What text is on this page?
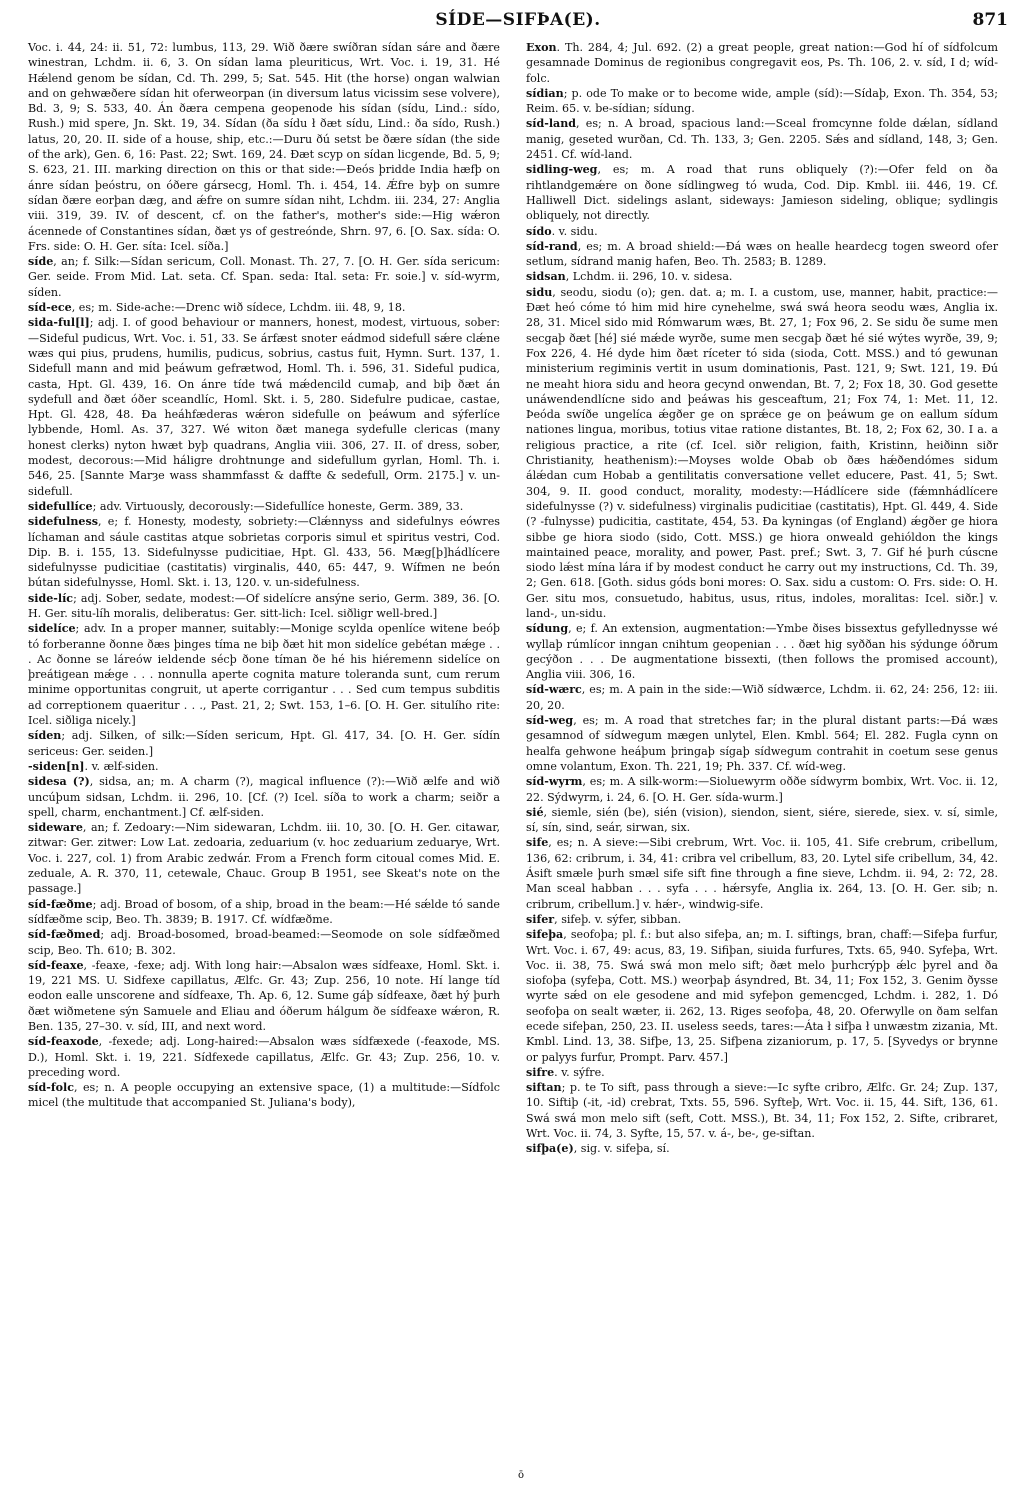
SÍDE—SIFÞA(E).	871

Voc. i. 44, 24: ii. 51, 72: lumbus, 113, 29. Wið ðære swíðran sídan sáre and ðære winestran, Lchdm. ii. 6, 3. On sídan lama pleuriticus, Wrt. Voc. i. 19, 31. Hé Hǽlend genom be sídan, Cd. Th. 299, 5; Sat. 545. Hit (the horse) ongan walwian and on gehwæðere sídan hit oferweorpan (in diversum latus vicissim sese volvere), Bd. 3, 9; S. 533, 40. Án ðæra cempena geopenode his sídan (sídu, Lind.: sído, Rush.) mid spere, Jn. Skt. 19, 34. Sídan (ða sídu ł ðæt sídu, Lind.: ða sído, Rush.) latus, 20, 20. II. side of a house, ship, etc.:—Duru ðú setst be ðære sídan (the side of the ark), Gen. 6, 16: Past. 22; Swt. 169, 24. Ðæt scyp on sídan licgende, Bd. 5, 9; S. 623, 21. III. marking direction on this or that side:—Ðeós þridde India hæfþ on ánre sídan þeóstru, on óðere gársecg, Homl. Th. i. 454, 14. Ǽfre byþ on sumre sídan ðære eorþan dæg, and ǽfre on sumre sídan niht, Lchdm. iii. 234, 27: Anglia viii. 319, 39. IV. of descent, cf. on the father's, mother's side:—Hig wǽron ácennede of Constantines sídan, ðæt ys of gestreónde, Shrn. 97, 6. [O. Sax. sída: O. Frs. side: O. H. Ger. síta: Icel. síða.]

síde, an; f. Silk:—Sídan sericum, Coll. Monast. Th. 27, 7. [O. H. Ger. sída sericum: Ger. seide. From Mid. Lat. seta. Cf. Span. seda: Ital. seta: Fr. soie.] v. síd-wyrm, síden.

síd-ece, es; m. Side-ache:—Drenc wið sídece, Lchdm. iii. 48, 9, 18.

sida-ful[l]; adj. I. of good behaviour or manners, honest, modest, virtuous, sober:—Sideful pudicus, Wrt. Voc. i. 51, 33. Se árfæst snoter eádmod sidefull sǽre clǽne wæs qui pius, prudens, humilis, pudicus, sobrius, castus fuit, Hymn. Surt. 137, 1. Sidefull mann and mid þeáwum gefrætwod, Homl. Th. i. 596, 31. Sideful pudica, casta, Hpt. Gl. 439, 16. On ánre tíde twá mǽdencild cumaþ, and biþ ðæt án sydefull and ðæt óðer sceandlíc, Homl. Skt. i. 5, 280. Sidefulre pudicae, castae, Hpt. Gl. 428, 48. Ða heáhfæderas wǽron sidefulle on þeáwum and sýferlíce lybbende, Homl. As. 37, 327. Wé witon ðæt manega sydefulle clericas (many honest clerks) nyton hwæt byþ quadrans, Anglia viii. 306, 27. II. of dress, sober, modest, decorous:—Mid háligre drohtnunge and sidefullum gyrlan, Homl. Th. i. 546, 25. [Sannte Marȝe wass shammfasst & daffte & sedefull, Orm. 2175.] v. un-sidefull.

sidefullíce; adv. Virtuously, decorously:—Sidefullíce honeste, Germ. 389, 33.

sidefulness, e; f. Honesty, modesty, sobriety:—Clǽnnyss and sidefulnys eówres líchaman and sáule castitas atque sobrietas corporis simul et spiritus vestri, Cod. Dip. B. i. 155, 13. Sidefulnysse pudicitiae, Hpt. Gl. 433, 56. Mæg[þ]hádlícere sidefulnysse pudicitiae (castitatis) virginalis, 440, 65: 447, 9. Wífmen ne beón bútan sidefulnysse, Homl. Skt. i. 13, 120. v. un-sidefulness.

side-líc; adj. Sober, sedate, modest:—Of sidelícre ansýne serio, Germ. 389, 36. [O. H. Ger. situ-líh moralis, deliberatus: Ger. sitt-lich: Icel. siðligr well-bred.]

sidelíce; adv. In a proper manner, suitably:—Monige scylda openlíce witene beóþ tó forberanne ðonne ðæs þinges tíma ne biþ ðæt hit mon sidelíce gebétan mǽge . . . Ac ðonne se láreów ieldende sécþ ðone tíman ðe hé his hiéremenn sidelíce on þreátigean mǽge . . . nonnulla aperte cognita mature toleranda sunt, cum rerum minime opportunitas congruit, ut aperte corrigantur . . . Sed cum tempus subditis ad correptionem quaeritur . . ., Past. 21, 2; Swt. 153, 1–6. [O. H. Ger. situlího rite: Icel. siðliga nicely.]

síden; adj. Silken, of silk:—Síden sericum, Hpt. Gl. 417, 34. [O. H. Ger. sídín sericeus: Ger. seiden.]

-siden[n]. v. ælf-siden.

sidesa (?), sidsa, an; m. A charm (?), magical influence (?):—Wið ælfe and wið uncúþum sidsan, Lchdm. ii. 296, 10. [Cf. (?) Icel. síða to work a charm; seiðr a spell, charm, enchantment.] Cf. ælf-siden.

sideware, an; f. Zedoary:—Nim sidewaran, Lchdm. iii. 10, 30. [O. H. Ger. citawar, zitwar: Ger. zitwer: Low Lat. zedoaria, zeduarium (v. hoc zeduarium zeduarye, Wrt. Voc. i. 227, col. 1) from Arabic zedwár. From a French form citoual comes Mid. E. zeduale, A. R. 370, 11, cetewale, Chauc. Group B 1951, see Skeat's note on the passage.]

síd-fæðme; adj. Broad of bosom, of a ship, broad in the beam:—Hé sǽlde tó sande sídfæðme scip, Beo. Th. 3839; B. 1917. Cf. wídfæðme.

síd-fæðmed; adj. Broad-bosomed, broad-beamed:—Seomode on sole sídfæðmed scip, Beo. Th. 610; B. 302.

síd-feaxe, -feaxe, -fexe; adj. With long hair:—Absalon wæs sídfeaxe, Homl. Skt. i. 19, 221 MS. U. Sidfexe capillatus, Ælfc. Gr. 43; Zup. 256, 10 note. Hí lange tíd eodon ealle unscorene and sídfeaxe, Th. Ap. 6, 12. Sume gáþ sídfeaxe, ðæt hý þurh ðæt wiðmetene sýn Samuele and Eliau and óðerum hálgum ðe sídfeaxe wǽron, R. Ben. 135, 27–30. v. síd, III, and next word.

síd-feaxode, -fexede; adj. Long-haired:—Absalon wæs sídfæxede (-feaxode, MS. D.), Homl. Skt. i. 19, 221. Sídfexede capillatus, Ælfc. Gr. 43; Zup. 256, 10. v. preceding word.

síd-folc, es; n. A people occupying an extensive space, (1) a multitude:—Sídfolc micel (the multitude that accompanied St. Juliana's body),

Exon. Th. 284, 4; Jul. 692. (2) a great people, great nation:—God hí of sídfolcum gesamnade Dominus de regionibus congregavit eos, Ps. Th. 106, 2. v. síd, I d; wíd-folc.

sídian; p. ode To make or to become wide, ample (síd):—Sídaþ, Exon. Th. 354, 53; Reim. 65. v. be-sídian; sídung.

síd-land, es; n. A broad, spacious land:—Sceal fromcynne folde dǽlan, sídland manig, geseted wurðan, Cd. Th. 133, 3; Gen. 2205. Sǽs and sídland, 148, 3; Gen. 2451. Cf. wíd-land.

sidling-weg, es; m. A road that runs obliquely (?):—Ofer feld on ða rihtlandgemǽre on ðone sídlingweg tó wuda, Cod. Dip. Kmbl. iii. 446, 19. Cf. Halliwell Dict. sidelings aslant, sideways: Jamieson sideling, oblique; sydlingis obliquely, not directly.

sído. v. sidu.

síd-rand, es; m. A broad shield:—Ðá wæs on healle heardecg togen sweord ofer setlum, sídrand manig hafen, Beo. Th. 2583; B. 1289.

sidsan, Lchdm. ii. 296, 10. v. sidesa.

sidu, seodu, siodu (o); gen. dat. a; m. I. a custom, use, manner, habit, practice:—Ðæt heó cóme tó him mid hire cynehelme, swá swá heora seodu wæs, Anglia ix. 28, 31. Micel sido mid Rómwarum wæs, Bt. 27, 1; Fox 96, 2. Se sidu ðe sume men secgaþ ðæt [hé] sié mǽde wyrðe, sume men secgaþ ðæt hé sié wýtes wyrðe, 39, 9; Fox 226, 4. Hé dyde him ðæt ríceter tó sida (sioda, Cott. MSS.) and tó gewunan ministerium regiminis vertit in usum dominationis, Past. 121, 9; Swt. 121, 19. Ðú ne meaht hiora sidu and heora gecynd onwendan, Bt. 7, 2; Fox 18, 30. God gesette unáwendendlícne sido and þeáwas his gesceaftum, 21; Fox 74, 1: Met. 11, 12. Þeóda swíðe ungelíca ǽgðer ge on sprǽce ge on þeáwum ge on eallum sídum nationes lingua, moribus, totius vitae ratione distantes, Bt. 18, 2; Fox 62, 30. I a. a religious practice, a rite (cf. Icel. siðr religion, faith, Kristinn, heiðinn siðr Christianity, heathenism):—Moyses wolde Obab ob ðæs hǽðendómes sidum álǽdan cum Hobab a gentilitatis conversatione vellet educere, Past. 41, 5; Swt. 304, 9. II. good conduct, morality, modesty:—Hádlícere side (fǽmnhádlícere sidefulnysse (?) v. sidefulness) virginalis pudicitiae (castitatis), Hpt. Gl. 449, 4. Side (? -fulnysse) pudicitia, castitate, 454, 53. Ða kyningas (of England) ǽgðer ge hiora sibbe ge hiora siodo (sido, Cott. MSS.) ge hiora onweald gehióldon the kings maintained peace, morality, and power, Past. pref.; Swt. 3, 7. Gif hé þurh cúscne siodo lǽst mína lára if by modest conduct he carry out my instructions, Cd. Th. 39, 2; Gen. 618. [Goth. sidus góds boni mores: O. Sax. sidu a custom: O. Frs. side: O. H. Ger. situ mos, consuetudo, habitus, usus, ritus, indoles, moralitas: Icel. siðr.] v. land-, un-sidu.

sídung, e; f. An extension, augmentation:—Ymbe ðises bissextus gefyllednysse wé wyllaþ rúmlícor inngan cnihtum geopenian . . . ðæt hig syððan his sýdunge óðrum gecýðon . . . De augmentatione bissexti, (then follows the promised account), Anglia viii. 306, 16.

síd-wærc, es; m. A pain in the side:—Wið sídwærce, Lchdm. ii. 62, 24: 256, 12: iii. 20, 20.

síd-weg, es; m. A road that stretches far; in the plural distant parts:—Ðá wæs gesamnod of sídwegum mægen unlytel, Elen. Kmbl. 564; El. 282. Fugla cynn on healfa gehwone heáþum þringaþ sígaþ sídwegum contrahit in coetum sese genus omne volantum, Exon. Th. 221, 19; Ph. 337. Cf. wíd-weg.

síd-wyrm, es; m. A silk-worm:—Sioluewyrm oððe sídwyrm bombix, Wrt. Voc. ii. 12, 22. Sýdwyrm, i. 24, 6. [O. H. Ger. sída-wurm.]

sié, siemle, sién (be), sién (vision), siendon, sient, siére, sierede, siex. v. sí, simle, sí, sín, sind, seár, sirwan, six.

sife, es; n. A sieve:—Sibi crebrum, Wrt. Voc. ii. 105, 41. Sife crebrum, cribellum, 136, 62: cribrum, i. 34, 41: cribra vel cribellum, 83, 20. Lytel sife cribellum, 34, 42. Ásift smæle þurh smæl sife sift fine through a fine sieve, Lchdm. ii. 94, 2: 72, 28. Man sceal habban . . . syfa . . . hǽrsyfe, Anglia ix. 264, 13. [O. H. Ger. sib; n. cribrum, cribellum.] v. hǽr-, windwig-sife.

sifer, sifeþ. v. sýfer, sibban.

sifeþa, seofoþa; pl. f.: but also sifeþa, an; m. I. siftings, bran, chaff:—Sifeþa furfur, Wrt. Voc. i. 67, 49: acus, 83, 19. Sifiþan, siuida furfures, Txts. 65, 940. Syfeþa, Wrt. Voc. ii. 38, 75. Swá swá mon melo sift; ðæt melo þurhcrýpþ ǽlc þyrel and ða siofoþa (syfeþa, Cott. MS.) weorþaþ ásyndred, Bt. 34, 11; Fox 152, 3. Genim ðysse wyrte sǽd on ele gesodene and mid syfeþon gemencged, Lchdm. i. 282, 1. Dó seofoþa on sealt wæter, ii. 262, 13. Riges seofoþa, 48, 20. Oferwylle on ðam selfan ecede sifeþan, 250, 23. II. useless seeds, tares:—Áta ł sifþa ł unwæstm zizania, Mt. Kmbl. Lind. 13, 38. Sifþe, 13, 25. Sifþena zizaniorum, p. 17, 5. [Syvedys or brynne or palyys furfur, Prompt. Parv. 457.]

sifre. v. sýfre.

siftan; p. te To sift, pass through a sieve:—Ic syfte cribro, Ælfc. Gr. 24; Zup. 137, 10. Siftiþ (-it, -id) crebrat, Txts. 55, 596. Syfteþ, Wrt. Voc. ii. 15, 44. Sift, 136, 61. Swá swá mon melo sift (seft, Cott. MSS.), Bt. 34, 11; Fox 152, 2. Sifte, cribraret, Wrt. Voc. ii. 74, 3. Syfte, 15, 57. v. á-, be-, ge-siftan.

sifþa(e), sig. v. sifeþa, sí.

ō
